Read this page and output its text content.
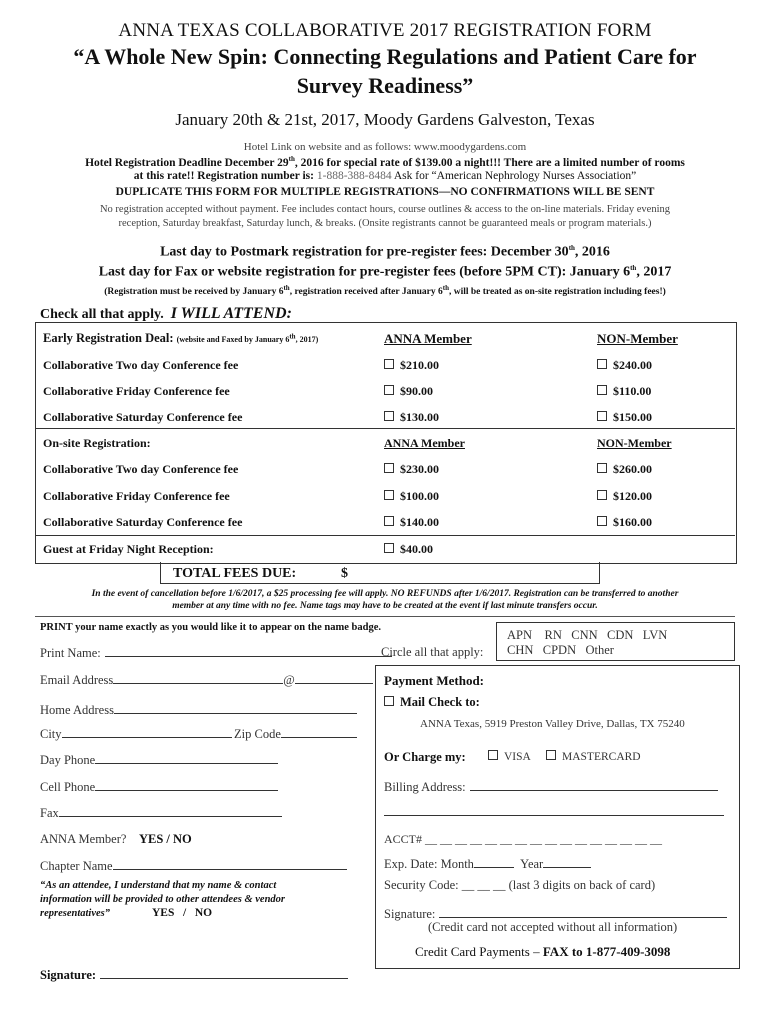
ANNA TEXAS COLLABORATIVE 2017 REGISTRATION FORM
“A Whole New Spin: Connecting Regulations and Patient Care for
Survey Readiness”
January 20th & 21st, 2017, Moody Gardens Galveston, Texas
Hotel Link on website and as follows: www.moodygardens.com
Hotel Registration Deadline December 29th, 2016 for special rate of $139.00 a night!!! There are a limited number of rooms
at this rate!! Registration number is: 1-888-388-8484 Ask for “American Nephrology Nurses Association”
DUPLICATE THIS FORM FOR MULTIPLE REGISTRATIONS—NO CONFIRMATIONS WILL BE SENT
No registration accepted without payment. Fee includes contact hours, course outlines & access to the on-line materials. Friday evening
reception, Saturday breakfast, Saturday lunch, & breaks. (Onsite registrants cannot be guaranteed meals or program materials.)
Last day to Postmark registration for pre-register fees: December 30th, 2016
Last day for Fax or website registration for pre-register fees (before 5PM CT): January 6th, 2017
(Registration must be received by January 6th, registration received after January 6th, will be treated as on-site registration including fees!)
Check all that apply. I WILL ATTEND:
Early Registration Deal: (website and Faxed by January 6th, 2017)	ANNA Member	NON-Member
Collaborative Two day Conference fee	$210.00	$240.00
Collaborative Friday Conference fee	$90.00	$110.00
Collaborative Saturday Conference fee	$130.00	$150.00
On-site Registration:	ANNA Member	NON-Member
Collaborative Two day Conference fee	$230.00	$260.00
Collaborative Friday Conference fee	$100.00	$120.00
Collaborative Saturday Conference fee	$140.00	$160.00
Guest at Friday Night Reception:	$40.00
TOTAL FEES DUE:	$
In the event of cancellation before 1/6/2017, a $25 processing fee will apply. NO REFUNDS after 1/6/2017. Registration can be transferred to another
member at any time with no fee. Name tags may have to be created at the event if last minute transfers occur.
PRINT your name exactly as you would like it to appear on the name badge.
Print Name:	Circle all that apply:
APN    RN   CNN   CDN   LVN
CHN   CPDN   Other
Email Address	@
Home Address
City	Zip Code
Day Phone
Cell Phone
Fax
ANNA Member? YES / NO
Chapter Name
“As an attendee, I understand that my name & contact
information will be provided to other attendees & vendor
representatives”	YES   /   NO
Signature:
Payment Method:
Mail Check to:
ANNA Texas, 5919 Preston Valley Drive, Dallas, TX 75240
Or Charge my:	VISA	MASTERCARD
Billing Address:
ACCT# __ __ __ __ __ __ __ __ __ __ __ __ __ __ __ __
Exp. Date: Month	Year
Security Code: __ __ __ (last 3 digits on back of card)
Signature:
(Credit card not accepted without all information)
Credit Card Payments – FAX to 1-877-409-3098
